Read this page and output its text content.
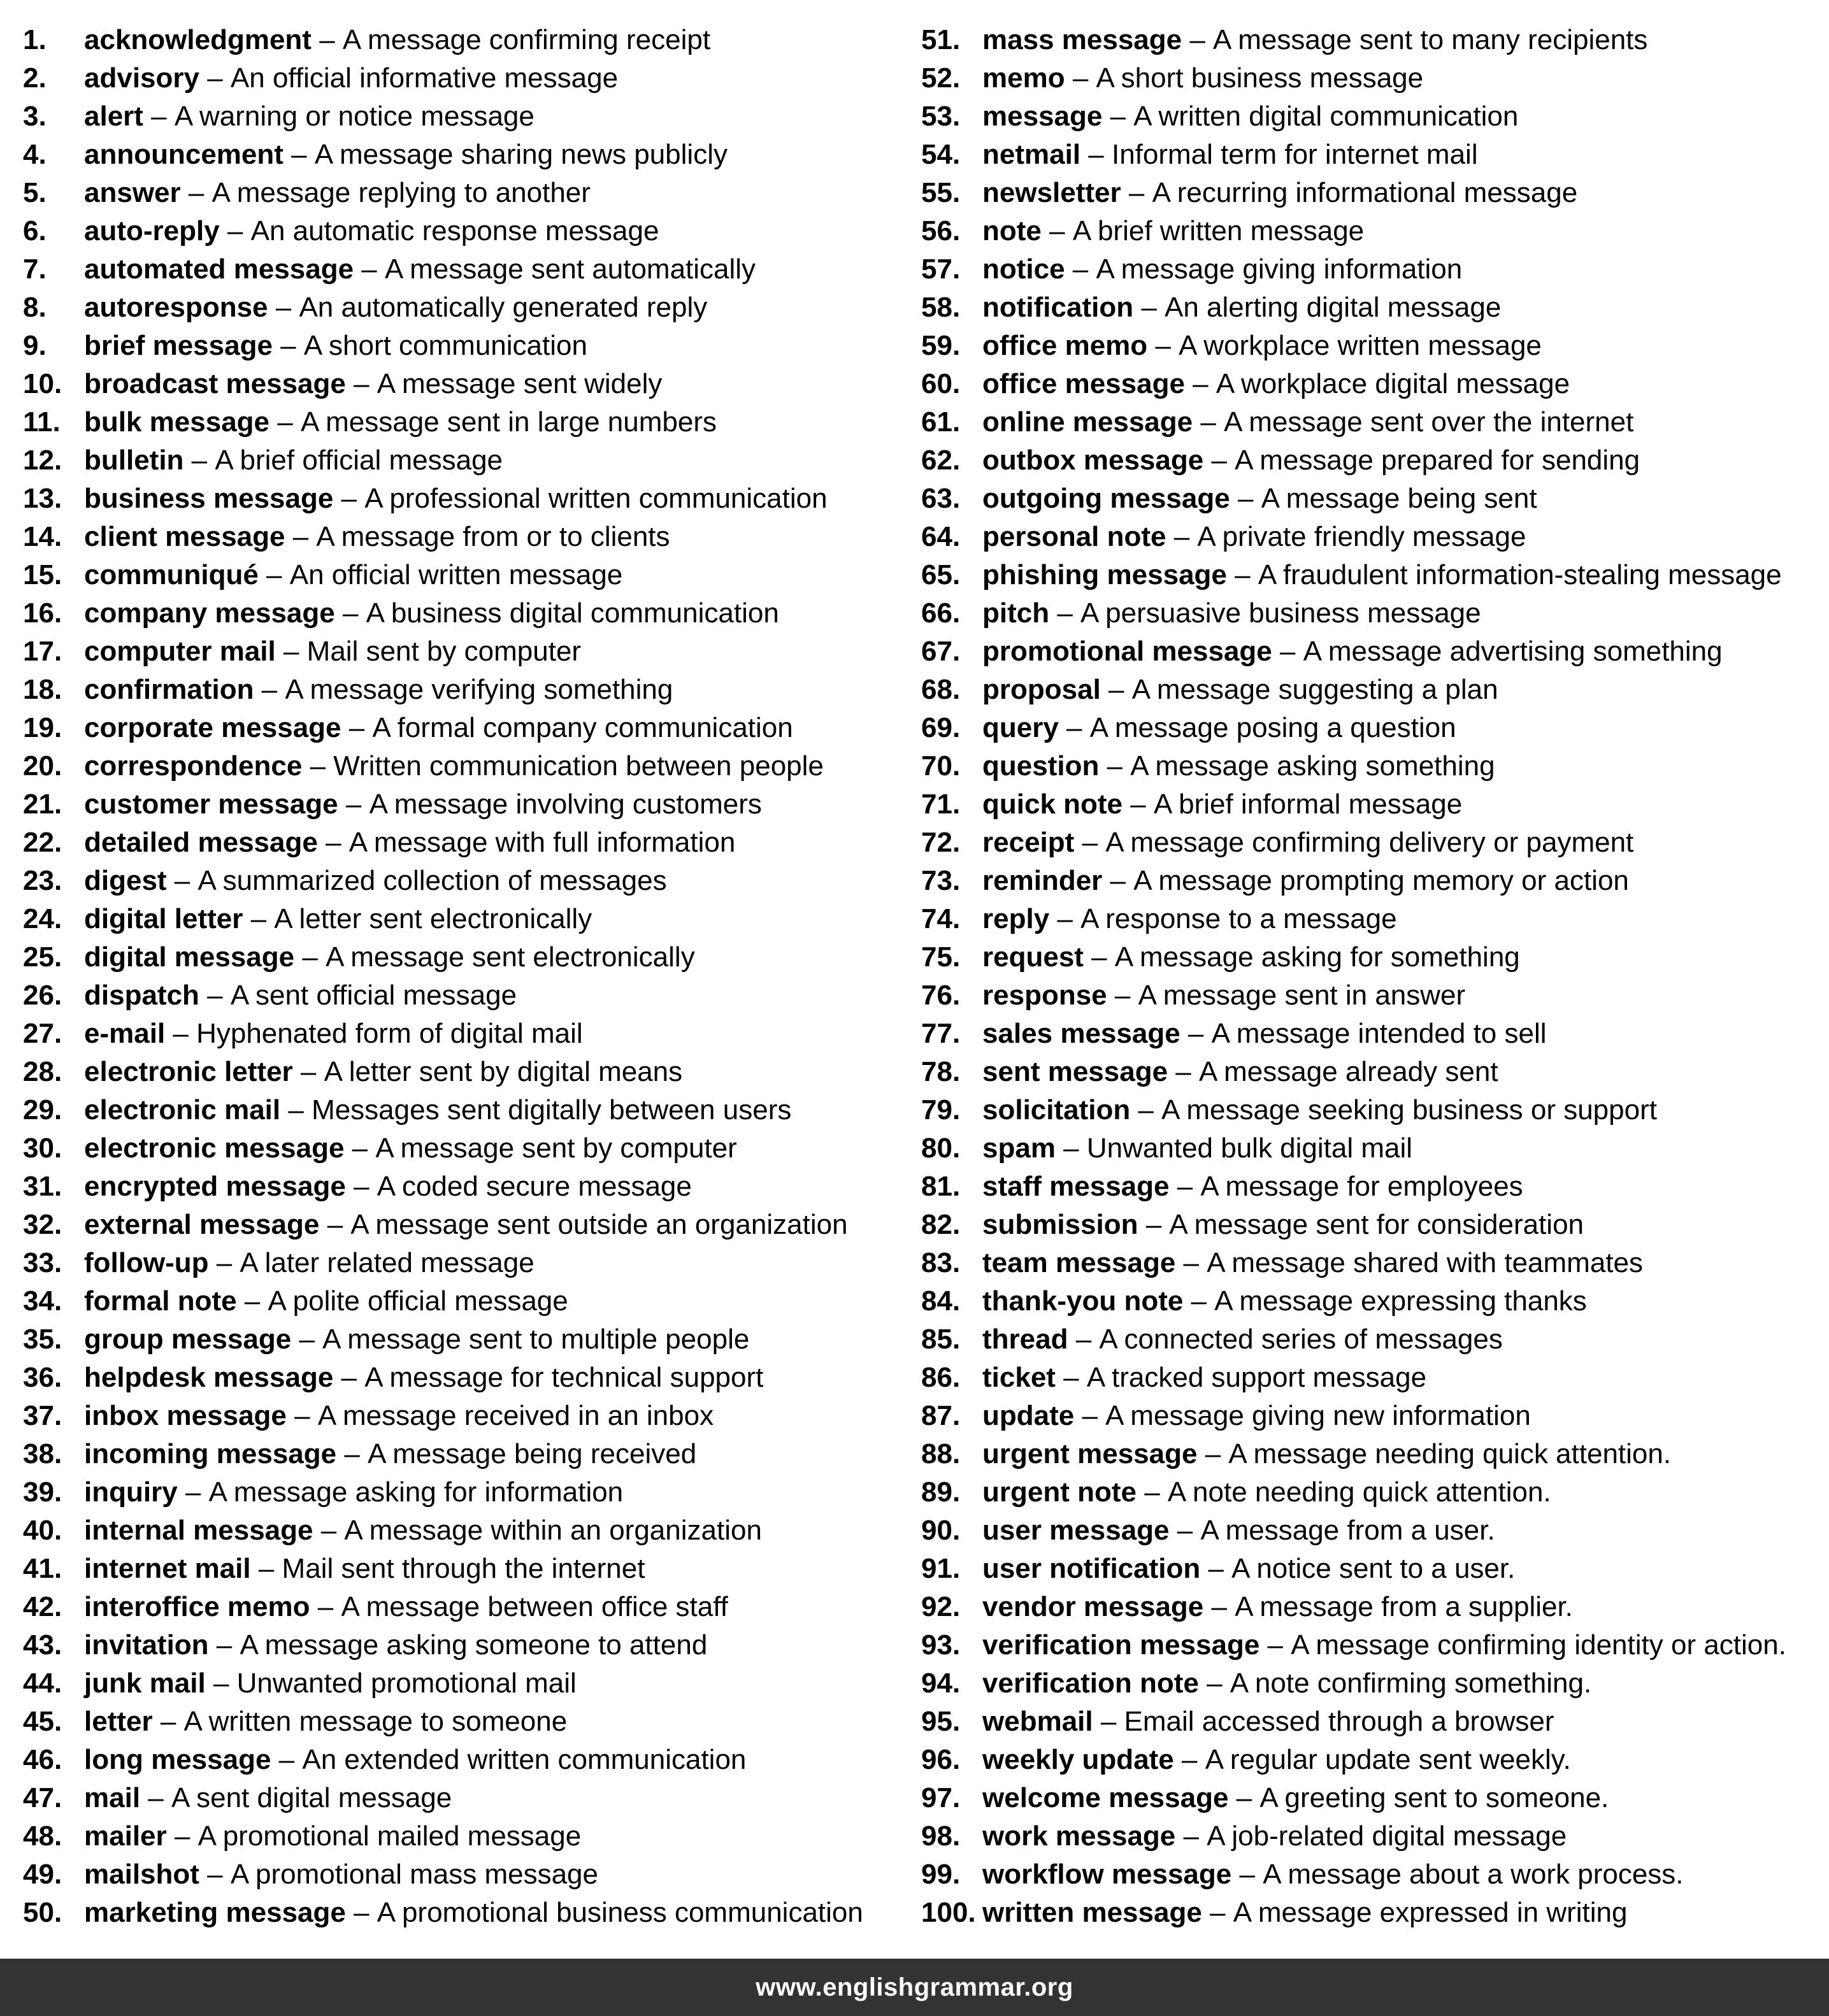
1.	acknowledgment – A message confirming receipt
2.	advisory – An official informative message
3.	alert – A warning or notice message
4.	announcement – A message sharing news publicly
5.	answer – A message replying to another
6.	auto-reply – An automatic response message
7.	automated message – A message sent automatically
8.	autoresponse – An automatically generated reply
9.	brief message – A short communication
10. broadcast message – A message sent widely
11. bulk message – A message sent in large numbers
12. bulletin – A brief official message
13. business message – A professional written communication
14. client message – A message from or to clients
15. communiqué – An official written message
16. company message – A business digital communication
17. computer mail – Mail sent by computer
18. confirmation – A message verifying something
19. corporate message – A formal company communication
20. correspondence – Written communication between people
21. customer message – A message involving customers
22. detailed message – A message with full information
23. digest – A summarized collection of messages
24. digital letter – A letter sent electronically
25. digital message – A message sent electronically
26. dispatch – A sent official message
27. e-mail – Hyphenated form of digital mail
28. electronic letter – A letter sent by digital means
29. electronic mail – Messages sent digitally between users
30. electronic message – A message sent by computer
31. encrypted message – A coded secure message
32. external message – A message sent outside an organization
33. follow-up – A later related message
34. formal note – A polite official message
35. group message – A message sent to multiple people
36. helpdesk message – A message for technical support
37. inbox message – A message received in an inbox
38. incoming message – A message being received
39. inquiry – A message asking for information
40. internal message – A message within an organization
41. internet mail – Mail sent through the internet
42. interoffice memo – A message between office staff
43. invitation – A message asking someone to attend
44. junk mail – Unwanted promotional mail
45. letter – A written message to someone
46. long message – An extended written communication
47. mail – A sent digital message
48. mailer – A promotional mailed message
49. mailshot – A promotional mass message
50. marketing message – A promotional business communication
51. mass message – A message sent to many recipients
52. memo – A short business message
53. message – A written digital communication
54. netmail – Informal term for internet mail
55. newsletter – A recurring informational message
56. note – A brief written message
57. notice – A message giving information
58. notification – An alerting digital message
59. office memo – A workplace written message
60. office message – A workplace digital message
61. online message – A message sent over the internet
62. outbox message – A message prepared for sending
63. outgoing message – A message being sent
64. personal note – A private friendly message
65. phishing message – A fraudulent information-stealing message
66. pitch – A persuasive business message
67. promotional message – A message advertising something
68. proposal – A message suggesting a plan
69. query – A message posing a question
70. question – A message asking something
71. quick note – A brief informal message
72. receipt – A message confirming delivery or payment
73. reminder – A message prompting memory or action
74. reply – A response to a message
75. request – A message asking for something
76. response – A message sent in answer
77. sales message – A message intended to sell
78. sent message – A message already sent
79. solicitation – A message seeking business or support
80. spam – Unwanted bulk digital mail
81. staff message – A message for employees
82. submission – A message sent for consideration
83. team message – A message shared with teammates
84. thank-you note – A message expressing thanks
85. thread – A connected series of messages
86. ticket – A tracked support message
87. update – A message giving new information
88. urgent message – A message needing quick attention.
89. urgent note – A note needing quick attention.
90. user message – A message from a user.
91. user notification – A notice sent to a user.
92. vendor message – A message from a supplier.
93. verification message – A message confirming identity or action.
94. verification note – A note confirming something.
95. webmail – Email accessed through a browser
96. weekly update – A regular update sent weekly.
97. welcome message – A greeting sent to someone.
98. work message – A job-related digital message
99. workflow message – A message about a work process.
100. written message – A message expressed in writing
www.englishgrammar.org
